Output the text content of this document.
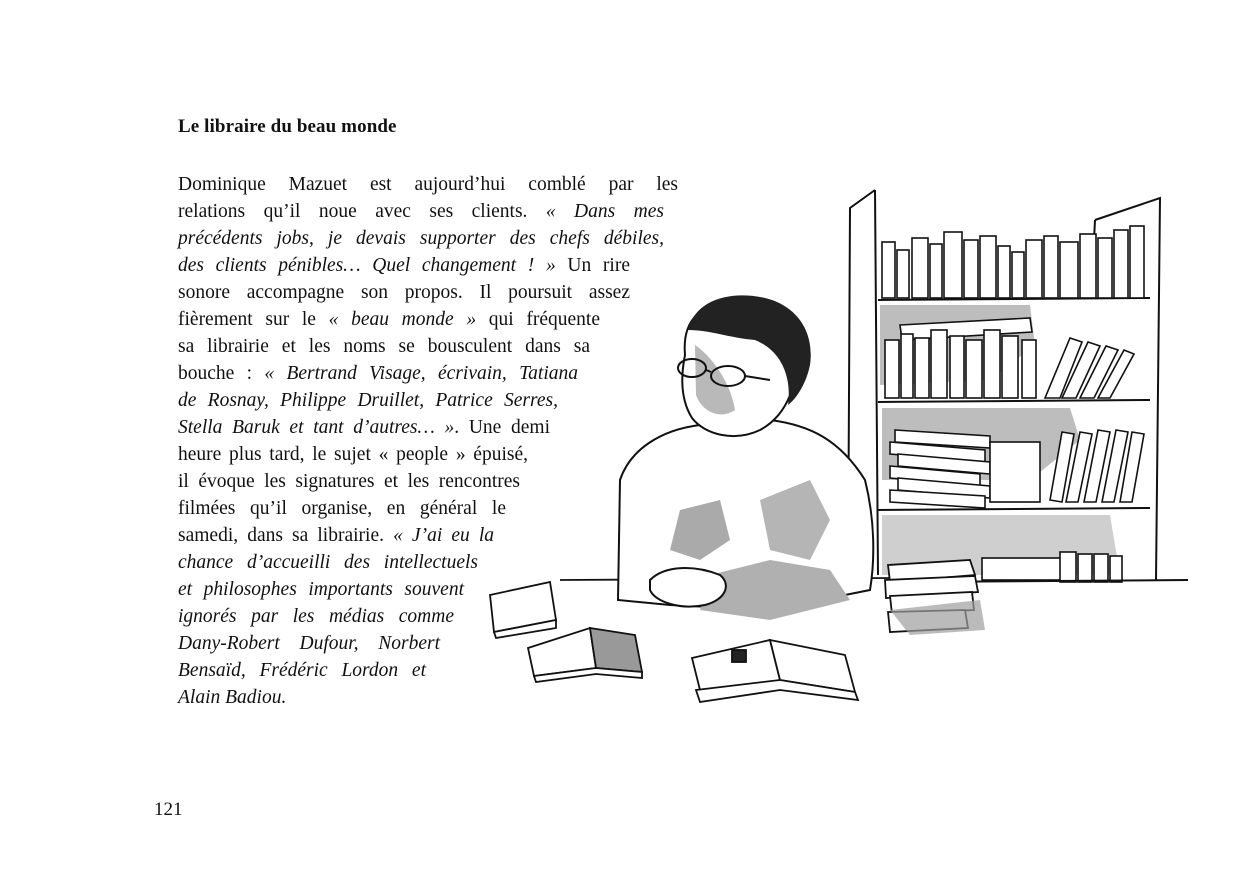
Le libraire du beau monde
Dominique Mazuet est aujourd’hui comblé par les
relations qu’il noue avec ses clients. « Dans mes
précédents jobs, je devais supporter des chefs débiles,
des clients pénibles… Quel changement ! » Un rire
sonore accompagne son propos. Il poursuit assez
fièrement sur le « beau monde » qui fréquente
sa librairie et les noms se bousculent dans sa
bouche : « Bertrand Visage, écrivain, Tatiana
de Rosnay, Philippe Druillet, Patrice Serres,
Stella Baruk et tant d’autres… ». Une demi
heure plus tard, le sujet « people » épuisé,
il évoque les signatures et les rencontres
filmées qu’il organise, en général le
samedi, dans sa librairie. « J’ai eu la
chance d’accueilli des intellectuels
et philosophes importants souvent
ignorés par les médias comme
Dany-Robert Dufour, Norbert
Bensaïd, Frédéric Lordon et
Alain Badiou.
121
